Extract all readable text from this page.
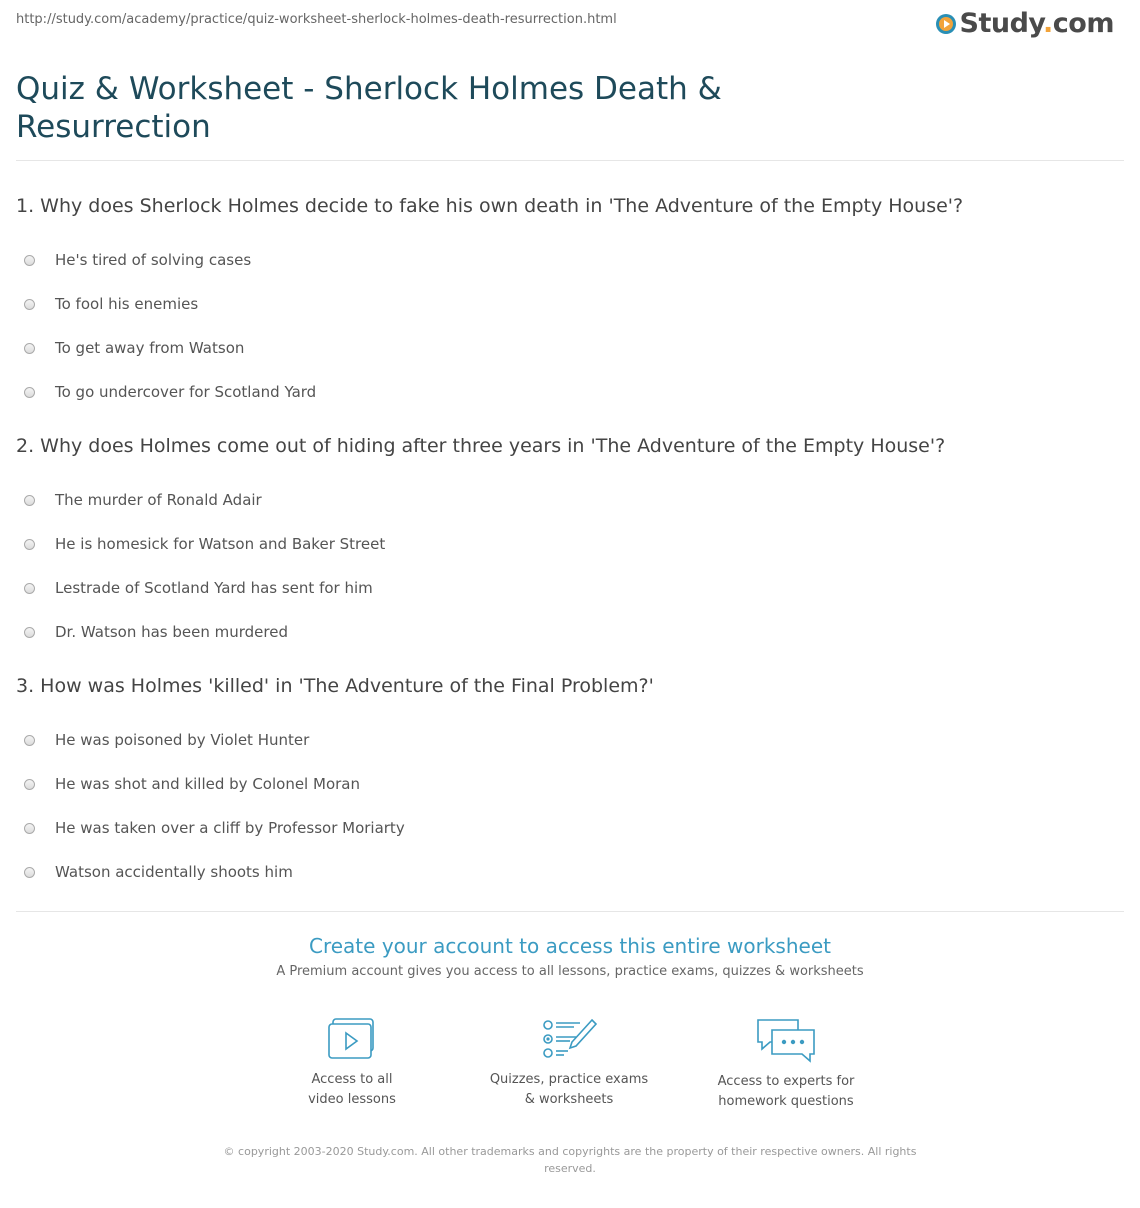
http://study.com/academy/practice/quiz-worksheet-sherlock-holmes-death-resurrection.html	Study.com
Quiz & Worksheet - Sherlock Holmes Death & Resurrection

1. Why does Sherlock Holmes decide to fake his own death in 'The Adventure of the Empty House'?

He's tired of solving cases
To fool his enemies
To get away from Watson
To go undercover for Scotland Yard

2. Why does Holmes come out of hiding after three years in 'The Adventure of the Empty House'?

The murder of Ronald Adair
He is homesick for Watson and Baker Street
Lestrade of Scotland Yard has sent for him
Dr. Watson has been murdered

3. How was Holmes 'killed' in 'The Adventure of the Final Problem?'

He was poisoned by Violet Hunter
He was shot and killed by Colonel Moran
He was taken over a cliff by Professor Moriarty
Watson accidentally shoots him

Create your account to access this entire worksheet

A Premium account gives you access to all lessons, practice exams, quizzes & worksheets
Access to all
video lessons
Quizzes, practice exams
& worksheets
Access to experts for
homework questions
© copyright 2003-2020 Study.com. All other trademarks and copyrights are the property of their respective owners. All rights reserved.
